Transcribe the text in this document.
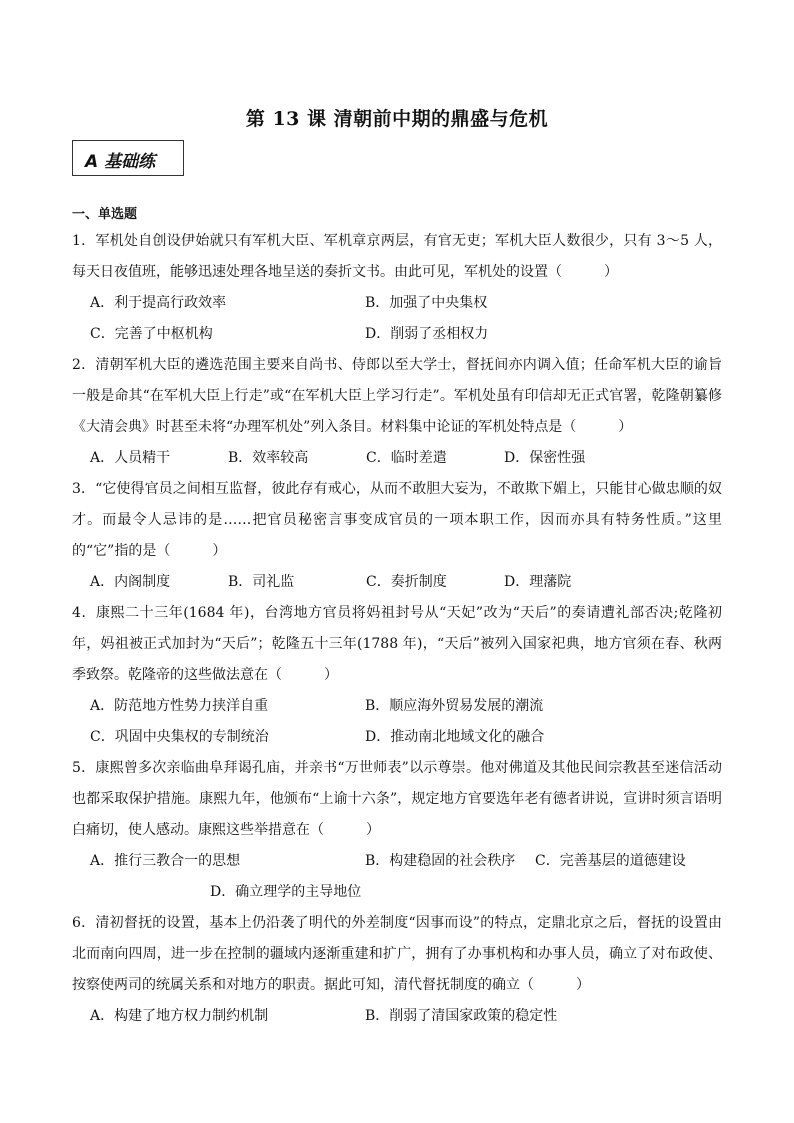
第 13 课 清朝前中期的鼎盛与危机
A 基础练
一、单选题
1．军机处自创设伊始就只有军机大臣、军机章京两层，有官无吏；军机大臣人数很少，只有 3～5 人，每天日夜值班，能够迅速处理各地呈送的奏折文书。由此可见，军机处的设置（　　　）
A．利于提高行政效率	B．加强了中央集权
C．完善了中枢机构	D．削弱了丞相权力
2．清朝军机大臣的遴选范围主要来自尚书、侍郎以至大学士，督抚间亦内调入值；任命军机大臣的谕旨一般是命其“在军机大臣上行走”或“在军机大臣上学习行走”。军机处虽有印信却无正式官署，乾隆朝纂修《大清会典》时甚至未将“办理军机处”列入条目。材料集中论证的军机处特点是（　　　）
A．人员精干	B．效率较高	C．临时差遣	D．保密性强
3．“它使得官员之间相互监督，彼此存有戒心，从而不敢胆大妄为，不敢欺下媚上，只能甘心做忠顺的奴才。而最令人忌讳的是……把官员秘密言事变成官员的一项本职工作，因而亦具有特务性质。”这里的“它”指的是（　　　）
A．内阁制度	B．司礼监	C．奏折制度	D．理藩院
4．康熙二十三年(1684 年)，台湾地方官员将妈祖封号从“天妃”改为“天后”的奏请遭礼部否决;乾隆初年，妈祖被正式加封为“天后”；乾隆五十三年(1788 年)，“天后”被列入国家祀典，地方官须在春、秋两季致祭。乾隆帝的这些做法意在（　　　）
A．防范地方性势力挟洋自重	B．顺应海外贸易发展的潮流
C．巩固中央集权的专制统治	D．推动南北地域文化的融合
5．康熙曾多次亲临曲阜拜谒孔庙，并亲书“万世师表”以示尊崇。他对佛道及其他民间宗教甚至迷信活动也都采取保护措施。康熙九年，他颁布“上谕十六条”，规定地方官要选年老有德者讲说，宣讲时须言语明白痛切，使人感动。康熙这些举措意在（　　　）
A．推行三教合一的思想	B．构建稳固的社会秩序	C．完善基层的道德建设
D．确立理学的主导地位
6．清初督抚的设置，基本上仍沿袭了明代的外差制度“因事而设”的特点，定鼎北京之后，督抚的设置由北而南向四周，进一步在控制的疆域内逐渐重建和扩广，拥有了办事机构和办事人员，确立了对布政使、按察使两司的统属关系和对地方的职责。据此可知，清代督抚制度的确立（　　　）
A．构建了地方权力制约机制	B．削弱了清国家政策的稳定性
